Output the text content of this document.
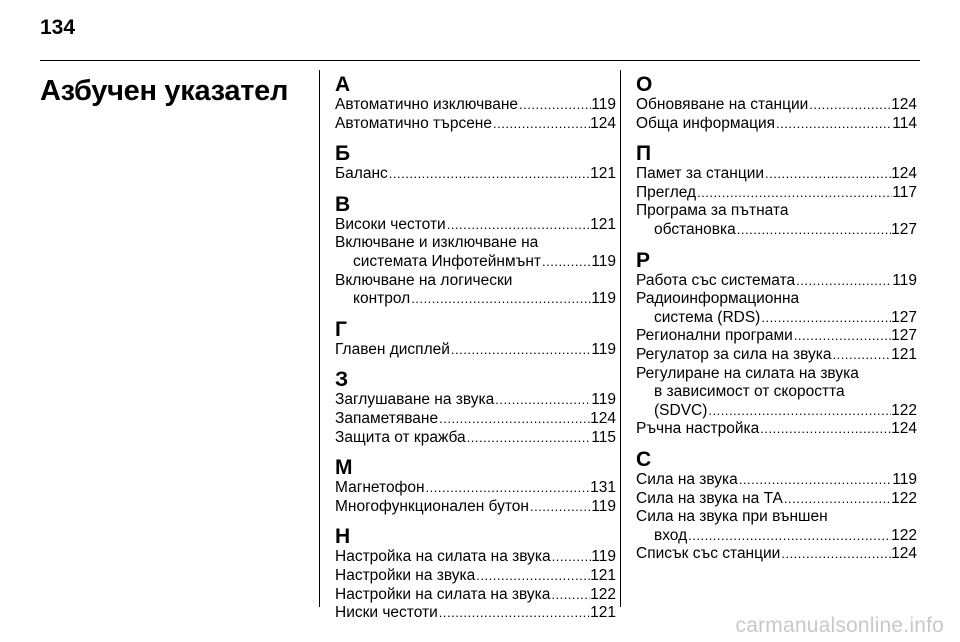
134
Азбучен указател А
Автоматично изключване .....	119
Автоматично търсене .....	124
Б
Баланс .....	121
В
Високи честоти .....	121
Включване и изключване на
системата Инфотейнмънт .....	119
Включване на логически
контрол .....	119
Г
Главен дисплей .....	119
З
Заглушаване на звука .....	119
Запаметяване .....	124
Защита от кражба .....	115
М
Магнетофон .....	131
Многофункционален бутон .....	119
Н
Настройка на силата на звука .....	119
Настройки на звука .....	121
Настройки на силата на звука .....	122
Ниски честоти .....	121
О
Обновяване на станции .....	124
Обща информация .....	114
П
Памет за станции .....	124
Преглед .....	117
Програма за пътната
обстановка .....	127
Р
Работа със системата .....	119
Радиоинформационна
система (RDS) .....	127
Регионални програми .....	127
Регулатор за сила на звука .....	121
Регулиране на силата на звука
в зависимост от скоростта
(SDVC) .....	122
Ръчна настройка .....	124
С
Сила на звука .....	119
Сила на звука на ТА .....	122
Сила на звука при външен
вход .....	122
Списък със станции .....	124
carmanualsonline.info
